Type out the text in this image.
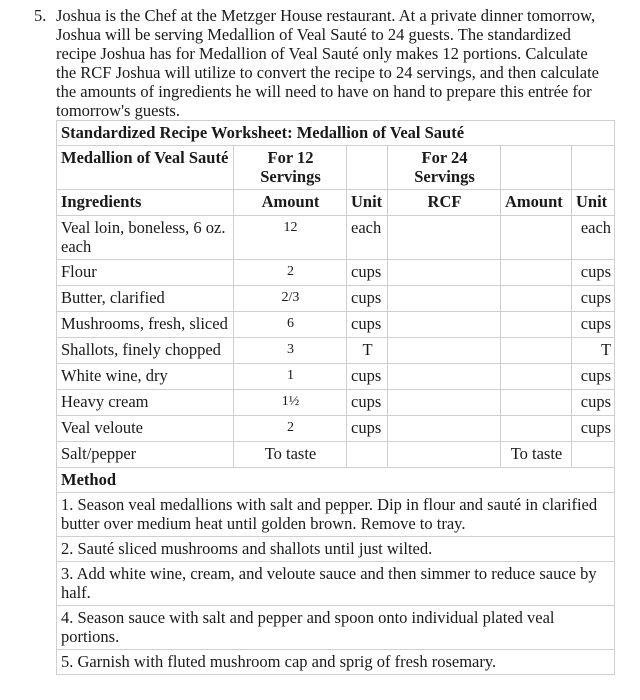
5. Joshua is the Chef at the Metzger House restaurant. At a private dinner tomorrow, Joshua will be serving Medallion of Veal Sauté to 24 guests. The standardized recipe Joshua has for Medallion of Veal Sauté only makes 12 portions. Calculate the RCF Joshua will utilize to convert the recipe to 24 servings, and then calculate the amounts of ingredients he will need to have on hand to prepare this entrée for tomorrow's guests.
Standardized Recipe Worksheet: Medallion of Veal Sauté					
Medallion of Veal Sauté	For 12 Servings		For 24 Servings		
Ingredients	Amount	Unit	RCF	Amount	Unit
Veal loin, boneless, 6 oz. each	12	each			each
Flour	2	cups			cups
Butter, clarified	2/3	cups			cups
Mushrooms, fresh, sliced	6	cups			cups
Shallots, finely chopped	3	T			T
White wine, dry	1	cups			cups
Heavy cream	1½	cups			cups
Veal veloute	2	cups			cups
Salt/pepper	To taste			To taste	
Method					
1. Season veal medallions with salt and pepper. Dip in flour and sauté in clarified butter over medium heat until golden brown. Remove to tray.					
2. Sauté sliced mushrooms and shallots until just wilted.					
3. Add white wine, cream, and veloute sauce and then simmer to reduce sauce by half.					
4. Season sauce with salt and pepper and spoon onto individual plated veal portions.					
5. Garnish with fluted mushroom cap and sprig of fresh rosemary.					
